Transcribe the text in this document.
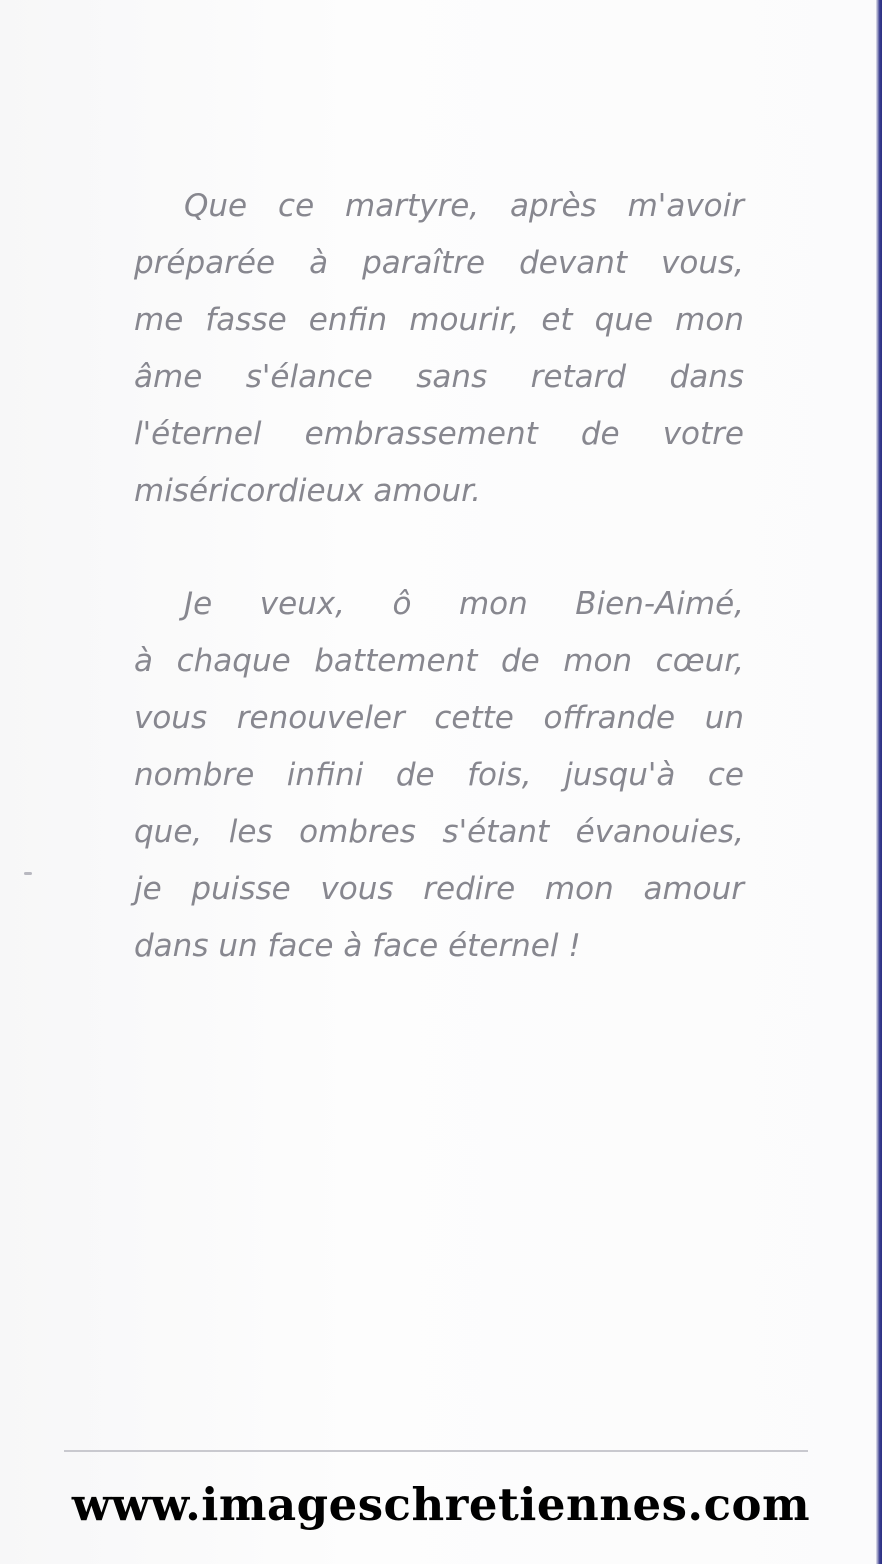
Que ce martyre, après m'avoir
préparée à paraître devant vous,
me fasse enfin mourir, et que mon
âme s'élance sans retard dans
l'éternel embrassement de votre
miséricordieux amour.
Je veux, ô mon Bien-Aimé,
à chaque battement de mon cœur,
vous renouveler cette offrande un
nombre infini de fois, jusqu'à ce
que, les ombres s'étant évanouies,
je puisse vous redire mon amour
dans un face à face éternel !
www.imageschretiennes.com
